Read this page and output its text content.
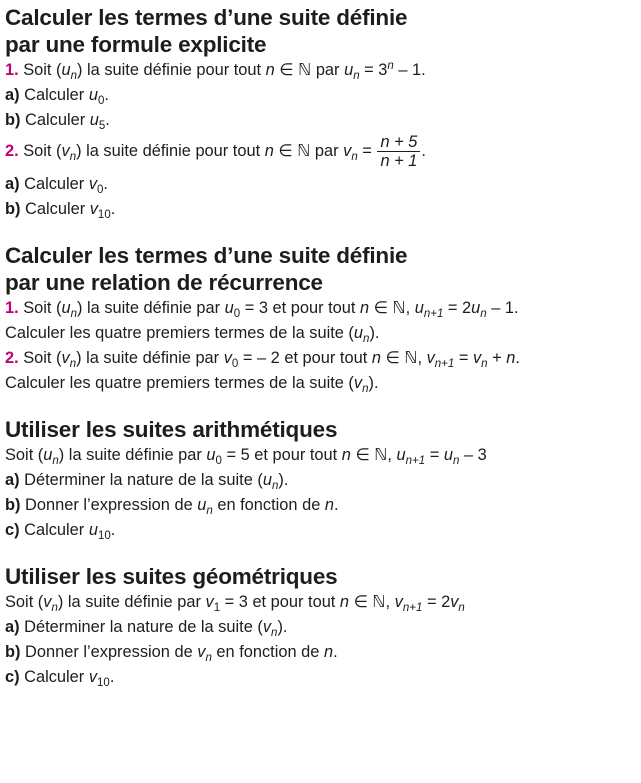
Calculer les termes d’une suite définie
par une formule explicite
1. Soit $(u_n)$ la suite définie pour tout n ∈ ℕ par $u_n = 3^n - 1$.
a) Calculer $u_0$.
b) Calculer $u_5$.
2. Soit $(v_n)$ la suite définie pour tout n ∈ ℕ par $v_n = \frac{n + 5}{n + 1}$ .
a) Calculer $v_0$.
b) Calculer $v_{10}$.
Calculer les termes d’une suite définie
par une relation de récurrence
1. Soit $(u_n)$ la suite définie par $u_0 = 3$ et pour tout n ∈ ℕ, $u_{n+1} = 2u_n - 1$.
Calculer les quatre premiers termes de la suite $(u_n)$.
2. Soit $(v_n)$ la suite définie par $v_0$ = – 2 et pour tout n ∈ ℕ, $v_{n+1} = v_n + n$.
Calculer les quatre premiers termes de la suite $(v_n)$.
Utiliser les suites arithmétiques
Soit $(u_n)$ la suite définie par $u_0 = 5$ et pour tout n ∈ ℕ, $u_{n+1} = u_n - 3$
a) Déterminer la nature de la suite $(u_n)$.
b) Donner l’expression de $u_n$ en fonction de n.
c) Calculer $u_{10}$.
Utiliser les suites géométriques
Soit $(v_n)$ la suite définie par $v_1 = 3$ et pour tout n ∈ ℕ, $v_{n+1} = 2v_n$
a) Déterminer la nature de la suite $(v_n)$.
b) Donner l’expression de $v_n$ en fonction de n.
c) Calculer $v_{10}$.
